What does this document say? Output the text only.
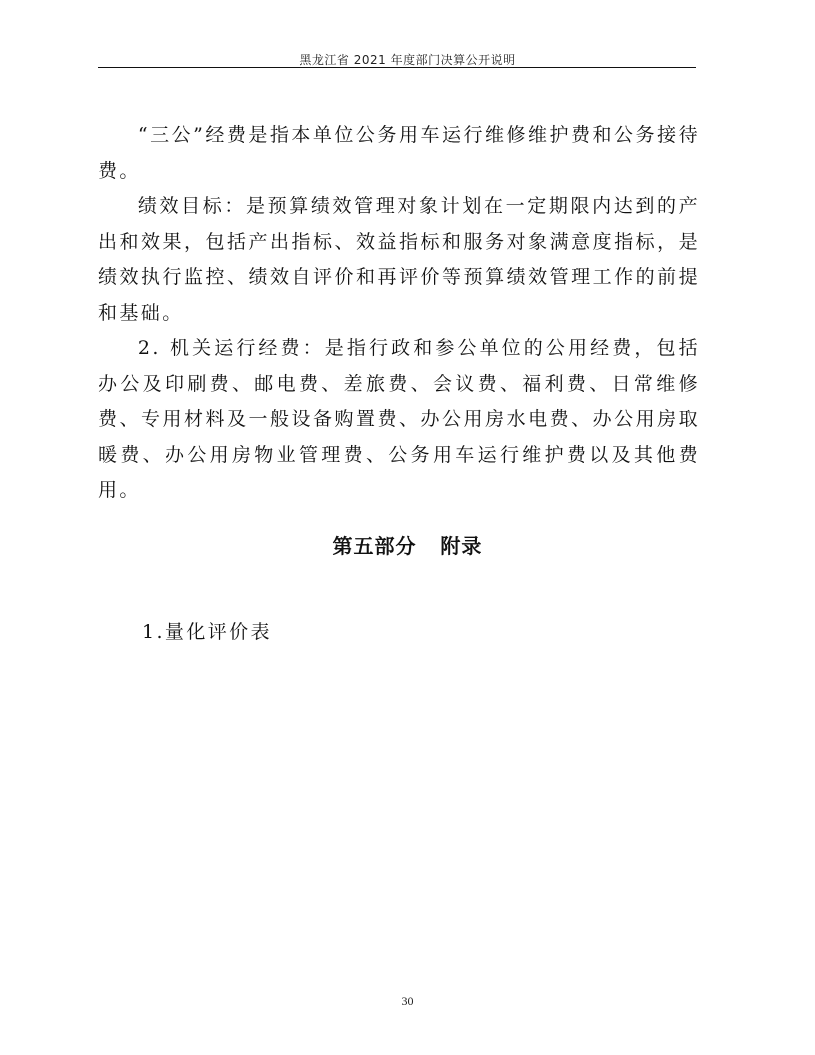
黑龙江省 2021 年度部门决算公开说明

“三公”经费是指本单位公务用车运行维修维护费和公务接待费。

绩效目标：是预算绩效管理对象计划在一定期限内达到的产出和效果，包括产出指标、效益指标和服务对象满意度指标，是绩效执行监控、绩效自评价和再评价等预算绩效管理工作的前提和基础。

2. 机关运行经费：是指行政和参公单位的公用经费，包括办公及印刷费、邮电费、差旅费、会议费、福利费、日常维修费、专用材料及一般设备购置费、办公用房水电费、办公用房取暖费、办公用房物业管理费、公务用车运行维护费以及其他费用。

第五部分   附录
1.量化评价表
30
